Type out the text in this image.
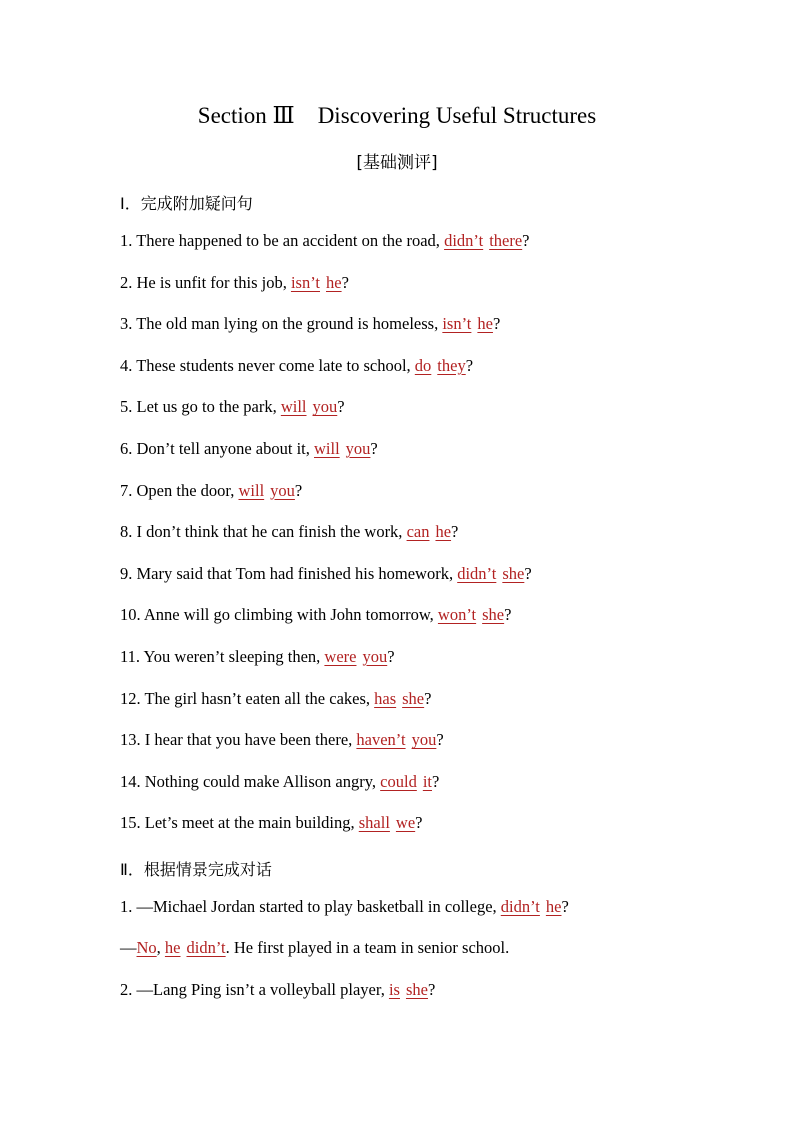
Section Ⅲ    Discovering Useful Structures
[基础测评]
Ⅰ．完成附加疑问句
1. There happened to be an accident on the road, didn’t there?
2. He is unfit for this job, isn’t he?
3. The old man lying on the ground is homeless, isn’t he?
4. These students never come late to school, do they?
5. Let us go to the park, will you?
6. Don’t tell anyone about it, will you?
7. Open the door, will you?
8. I don’t think that he can finish the work, can he?
9. Mary said that Tom had finished his homework, didn’t she?
10. Anne will go climbing with John tomorrow, won’t she?
11. You weren’t sleeping then, were you?
12. The girl hasn’t eaten all the cakes, has she?
13. I hear that you have been there, haven’t you?
14. Nothing could make Allison angry, could it?
15. Let’s meet at the main building, shall we?
Ⅱ．根据情景完成对话
1. —Michael Jordan started to play basketball in college, didn’t he?
—No, he didn’t. He first played in a team in senior school.
2. —Lang Ping isn’t a volleyball player, is she?
